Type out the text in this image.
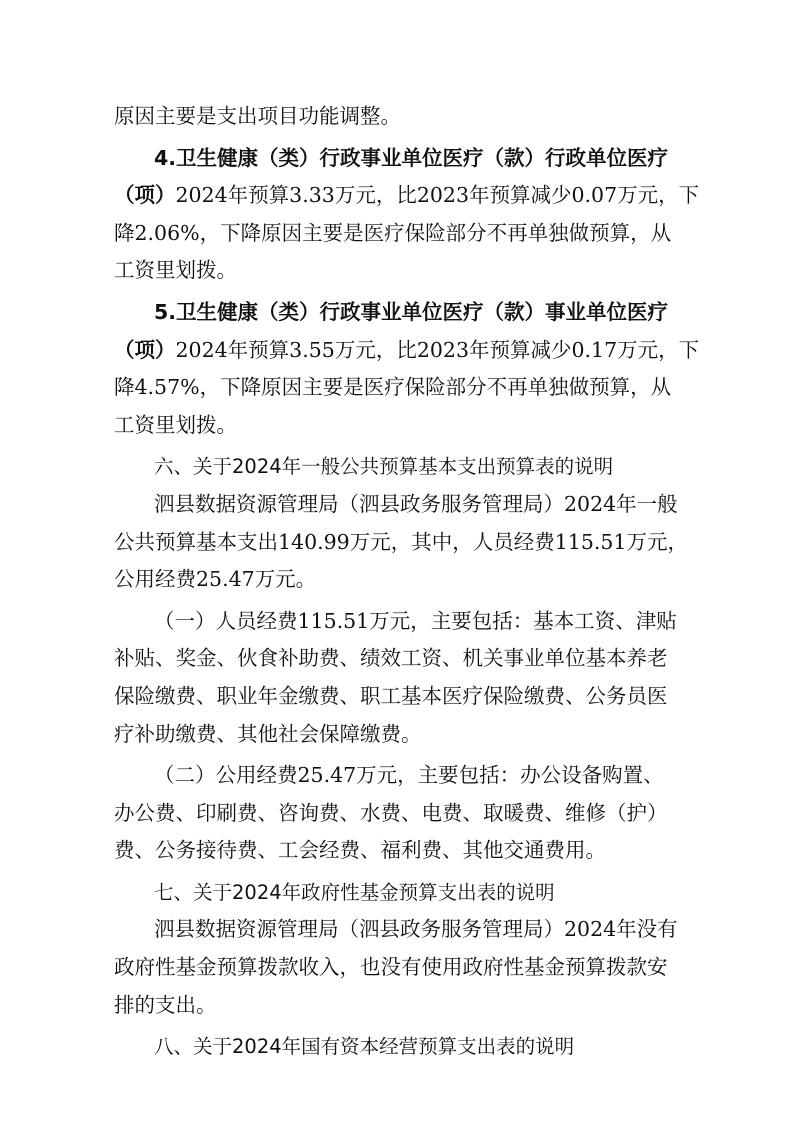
原因主要是支出项目功能调整。
4.卫生健康（类）行政事业单位医疗（款）行政单位医疗
（项）2024年预算3.33万元，比2023年预算减少0.07万元，下
降2.06%，下降原因主要是医疗保险部分不再单独做预算，从
工资里划拨。
5.卫生健康（类）行政事业单位医疗（款）事业单位医疗
（项）2024年预算3.55万元，比2023年预算减少0.17万元，下
降4.57%，下降原因主要是医疗保险部分不再单独做预算，从
工资里划拨。
六、关于2024年一般公共预算基本支出预算表的说明
泗县数据资源管理局（泗县政务服务管理局）2024年一般
公共预算基本支出140.99万元，其中，人员经费115.51万元，
公用经费25.47万元。
（一）人员经费115.51万元，主要包括：基本工资、津贴
补贴、奖金、伙食补助费、绩效工资、机关事业单位基本养老
保险缴费、职业年金缴费、职工基本医疗保险缴费、公务员医
疗补助缴费、其他社会保障缴费。
（二）公用经费25.47万元，主要包括：办公设备购置、
办公费、印刷费、咨询费、水费、电费、取暖费、维修（护）
费、公务接待费、工会经费、福利费、其他交通费用。
七、关于2024年政府性基金预算支出表的说明
泗县数据资源管理局（泗县政务服务管理局）2024年没有
政府性基金预算拨款收入，也没有使用政府性基金预算拨款安
排的支出。
八、关于2024年国有资本经营预算支出表的说明
